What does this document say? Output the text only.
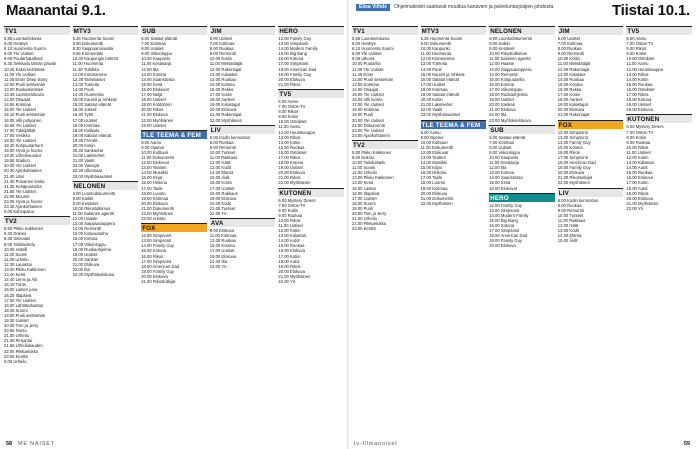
Maanantai 9.1.
TV1
5.55 Luontoelokuvia
6.00 Herätys
6.10 Huomenta Suomi
9.00 Yle Uutiset
9.05 Puutarhatalkoot
9.35 Seikkailu tämän päivän
10.25 Kaksi keittiössä
11.00 Yle Uutiset
11.45 Enter Deep Story
12.00 Puoli seitsemän
13.00 Ruokaministeri
13.35 Luontoelokuvia
14.00 Osaajat
14.55 Kotimaa
15.00 Yle Uutiset
15.10 Puoli seitsemän
16.05 Villi pohjoinen
16.55 Yle Uutiset
17.00 Tukkijätkät
17.05 Vesikko
18.00 Yle Uutiset
18.30 Kotipuutarhurit
19.00 Hyvä ja huono
19.30 Urheiluruudut
19.55 Stadion
20.00 Yle Uutiset
20.30 Ajankohtainen
21.00 Ulos
21.30 Punainen lanka
21.35 Kesäpuutarha
21.55 Yle Uutiset
22.05 Muumit
23.05 Hyvä ja huono
23.35 Ajankohtainen
0.05 Kahvipaluu
TV2
5.50 Pikku Kakkonen
9.30 Dokino
9.35 Sinivalas
9.05 Taitoluistelu
10.05 Hotelli
11.00 Suomi
11.35 Urheilu
12.30 Lauantai
13.00 Pikku Kakkonen
13.40 Kesä
14.40 Lenni ja Äiti
15.10 Tuhto
16.00 Lasten juna
16.25 Iltapäivä
17.00 Yle Uutiset
18.00 Lähtötarkastus
18.25 Suomi
19.00 Puoli seitsemän
19.30 Uutiset
20.00 Tom ja Jerry
20.55 Norsu
21.00 Urheilu
21.30 Perjantai
21.55 Urheilukauden
22.05 Pikkuelukka
23.05 Kenttä
0.05 Urheilu
MTV3
6.25 Huomenta Suomi
9.00 Dokumentti
9.30 Saippuanmaatila
9.55 Emmerdale
10.30 Kaupungin hölmöt
11.00 Huomenta
11.30 Tulitikku
12.00 Kotonamme
12.30 Tanssiaiset
13.00 Tunteita
14.00 Puoli
14.30 Huomenta
15.00 Kauniit ja rohkeat
15.30 Salatut elämät
16.00 Jokerit
16.30 Tyttö
17.00 Uutiset
18.00 Kotimaa
18.30 Kotikatu
19.00 Salatut elämät
19.30 Frendit
20.00 Kotiin
20.30 Sankaritar
21.00 Lakimiehet
21.30 Vaalit
22.00 Vainajat
22.30 Ulkomaat
23.00 Myöhäisuutiset
NELONEN
6.00 Luontodokumentti
8.00 Kaikki
9.00 Kesäiset
10.00 Rikostutkimus
11.00 Salainen agentti
12.00 Haaste
13.00 Saippuaooppera
14.00 Remontti
15.00 Kotipuutarha
16.00 Kotona
17.00 Viikonloppu
18.00 Ruokaohjelma
19.00 Uutiset
20.00 Sankari
21.00 Elokuva
22.00 Ilta
23.00 Myöhäiselokuva
SUB
6.00 Salatut elämät
7.00 Kotimaa
8.00 Uutiset
9.00 Viikonloppu
10.00 Kaupunki
11.00 Kesäsarja
12.00 Ilta
13.00 Kotona
14.00 Saaristossa
15.00 Kesä
16.00 Elokuvat
17.00 Neljä
18.00 Uutiset
19.00 Kotitohtori
20.00 Rikos
21.00 Elokuva
22.00 Myöhäinen
23.00 Uutiset
TLE TEEMA & FEM
8.00 Aamu
9.00 Opetus
10.00 Kulttuuri
11.00 Dokumentti
12.00 Elokuvat
13.00 Teatteri
14.00 Musiikki
15.00 Kirjat
16.00 Historia
17.00 Taide
18.00 Luonto
19.00 Kotimaa
20.00 Elokuva
21.00 Dokumentti
22.00 Myöhäinen
23.00 Arkisto
FOX
12.00 Simpsonit
13.00 Simpsonit
14.00 Family Guy
15.00 Kotona
16.00 Rikos
17.00 Simpsonit
18.00 American Dad
19.00 Family Guy
20.00 Elokuva
21.00 Rikostutkijat
JIM
6.00 Uutiset
7.00 Kotimaa
8.00 Ruokaa
9.00 Remontti
10.00 Kotiin
11.00 Metsästäjät
12.00 Rakentajat
13.00 Kalastus
14.00 Ruokaa
15.00 Kotona
16.00 Rekka
17.00 Kotiin
18.00 Aarteet
19.00 Kalastajat
20.00 Elokuva
21.00 Rakentajat
22.00 Myöhäinen
LIV
6.00 Kodin kunnostus
8.00 Ruokaa
9.00 Remontti
10.00 Tunteet
11.00 Rakkaus
12.00 Häät
13.00 Kodit
14.00 Elämä
15.00 Äidit
16.00 Kotiin
17.00 Uutiset
18.00 Rakkaus
19.00 Elokuva
20.00 Kodit
21.00 Tunteet
22.00 Yö
AVA
9.00 Elokuva
11.00 Kotimaa
13.00 Ruokaa
15.00 Kotona
17.00 Uutiset
19.00 Elokuva
21.00 Ilta
23.00 Yö
HERO
12.00 Family Guy
13.00 Simpsonit
14.00 Modern Family
15.00 Big Bang
16.00 Kotona
17.00 Simpsonit
18.00 American Dad
19.00 Family Guy
20.00 Elokuva
21.00 Rikos
TV5
6.00 Aamu
7.00 Ostos-TV
8.00 Rikos
9.00 Kotiin
10.00 Ostokset
11.00 Aamu
12.00 Huutokauppa
13.00 Rikos
14.00 Kotiin
15.00 Ruokaa
16.00 Ostokset
17.00 Rikos
18.00 Kotona
19.00 Uutiset
20.00 Elokuva
21.00 Rikos
22.00 Myöhäinen
KUTONEN
6.00 Mystery Diners
7.00 Ostos-TV
8.00 Kotiin
9.00 Ruokaa
10.00 Rikos
11.00 Uutiset
12.00 Kotiin
13.00 Kalastus
14.00 Autot
15.00 Ruokaa
16.00 Elokuva
17.00 Kotiin
18.00 Autot
19.00 Rikos
20.00 Elokuva
21.00 Myöhäinen
22.00 Yö
58 ME NAISET
Elisa Viihde	Ohjelmatiedot saattavat muuttua kanavien ja palveluntarjoajien johdosta.	Tiistai 10.1.
TV1
5.55 Luontoelokuvia
6.00 Herätys
6.10 Huomenta Suomi
9.00 Yle Uutiset
9.05 Ulkona
10.00 Puutarha
11.00 Yle Uutiset
11.45 Enter
12.00 Puoli seitsemän
13.00 Kotimaa
14.00 Osaajat
15.00 Yle Uutiset
16.00 Villi luonto
17.00 Yle Uutiset
18.00 Kotimaa
19.00 Puoli
20.00 Yle Uutiset
21.00 Dokumentti
22.00 Yle Uutiset
23.00 Ajankohtainen
TV2
5.50 Pikku Kakkonen
9.00 Dokino
10.00 Taitoluistelu
11.00 Suomi
12.00 Urheilu
13.00 Pikku Kakkonen
14.00 Kesä
15.00 Lasten
16.00 Iltapäivä
17.00 Uutiset
18.00 Suomi
19.00 Puoli
20.00 Tom ja Jerry
21.00 Urheilu
22.00 Pikkuelukka
23.00 Kenttä
MTV3
6.25 Huomenta Suomi
9.00 Dokumentti
10.00 Kaupunki
11.00 Huomenta
12.00 Kotonamme
13.00 Tunteita
14.00 Puoli
15.00 Kauniit ja rohkeat
16.00 Salatut elämät
17.00 Uutiset
18.00 Kotimaa
19.00 Salatut elämät
20.00 Kotiin
21.00 Lakimiehet
22.00 Vaalit
23.00 Myöhäisuutiset
TLE TEEMA & FEM
8.00 Aamu
9.00 Opetus
10.00 Kulttuuri
11.00 Dokumentti
12.00 Elokuvat
13.00 Teatteri
14.00 Musiikki
15.00 Kirjat
16.00 Historia
17.00 Taide
18.00 Luonto
19.00 Kotimaa
20.00 Elokuva
21.00 Dokumentti
22.00 Myöhäinen
NELONEN
6.00 Luontodokumentti
8.00 Kaikki
9.00 Kesäiset
10.00 Rikostutkimus
11.00 Salainen agentti
12.00 Haaste
13.00 Saippuaooppera
14.00 Remontti
15.00 Kotipuutarha
16.00 Kotona
17.00 Viikonloppu
18.00 Ruokaohjelma
19.00 Uutiset
20.00 Sankari
21.00 Elokuva
22.00 Ilta
23.00 Myöhäiselokuva
SUB
6.00 Salatut elämät
7.00 Kotimaa
8.00 Uutiset
9.00 Viikonloppu
10.00 Kaupunki
11.00 Kesäsarja
12.00 Ilta
13.00 Kotona
14.00 Saaristossa
15.00 Kesä
16.00 Elokuvat
HERO
12.00 Family Guy
13.00 Simpsonit
14.00 Modern Family
15.00 Big Bang
16.00 Kotona
17.00 Simpsonit
18.00 American Dad
19.00 Family Guy
20.00 Elokuva
JIM
6.00 Uutiset
7.00 Kotimaa
8.00 Ruokaa
9.00 Remontti
10.00 Kotiin
11.00 Metsästäjät
12.00 Rakentajat
13.00 Kalastus
14.00 Ruokaa
15.00 Kotona
16.00 Rekka
17.00 Kotiin
18.00 Aarteet
19.00 Kalastajat
20.00 Elokuva
21.00 Rakentajat
FOX
12.00 Simpsonit
13.00 Simpsonit
14.00 Family Guy
15.00 Kotona
16.00 Rikos
17.00 Simpsonit
18.00 American Dad
19.00 Family Guy
20.00 Elokuva
21.00 Rikostutkijat
22.00 Myöhäinen
LIV
6.00 Kodin kunnostus
8.00 Ruokaa
9.00 Remontti
10.00 Tunteet
11.00 Rakkaus
12.00 Häät
13.00 Kodit
14.00 Elämä
15.00 Äidit
TV5
6.00 Aamu
7.00 Ostos-TV
8.00 Rikos
9.00 Kotiin
10.00 Ostokset
11.00 Aamu
12.00 Huutokauppa
13.00 Rikos
14.00 Kotiin
15.00 Ruokaa
16.00 Ostokset
17.00 Rikos
18.00 Kotona
19.00 Uutiset
20.00 Elokuva
KUTONEN
6.00 Mystery Diners
7.00 Ostos-TV
8.00 Kotiin
9.00 Ruokaa
10.00 Rikos
11.00 Uutiset
12.00 Kotiin
13.00 Kalastus
14.00 Autot
15.00 Ruokaa
16.00 Elokuva
17.00 Kotiin
18.00 Autot
19.00 Rikos
20.00 Elokuva
21.00 Myöhäinen
22.00 Yö
tv-filmanoiset	59
